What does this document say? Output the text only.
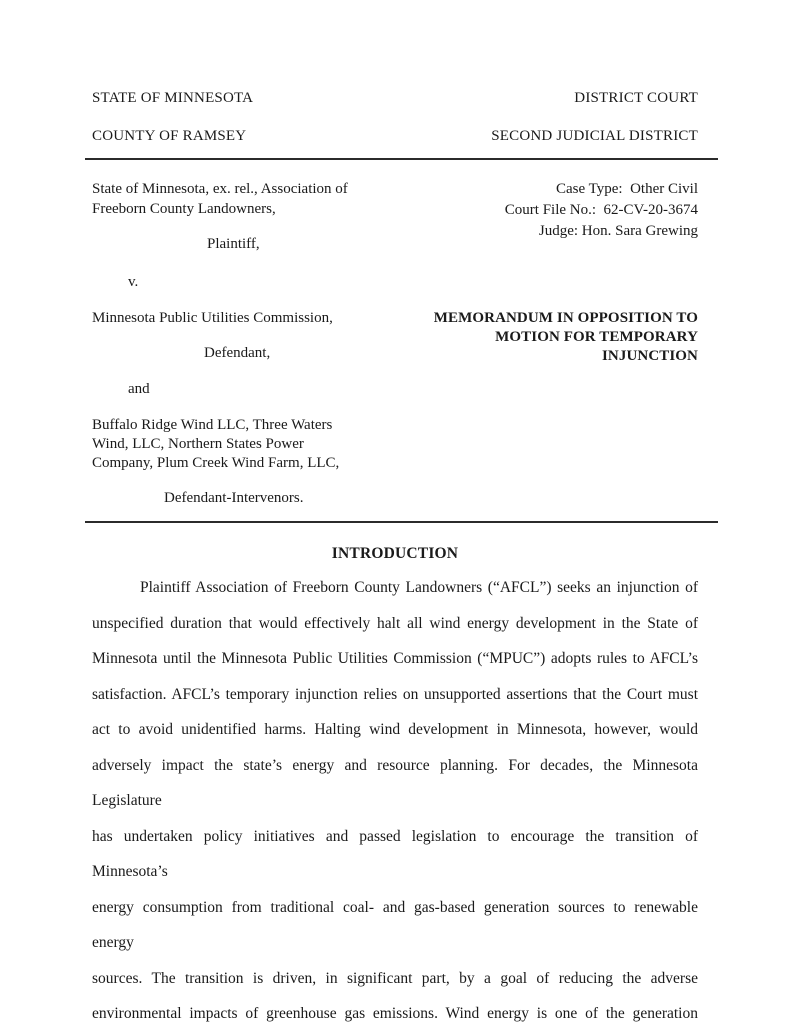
STATE OF MINNESOTA	DISTRICT COURT
COUNTY OF RAMSEY	SECOND JUDICIAL DISTRICT
State of Minnesota, ex. rel., Association of
Freeborn County Landowners,
Plaintiff,
v.
Minnesota Public Utilities Commission,
Defendant,
and
Buffalo Ridge Wind LLC, Three Waters
Wind, LLC, Northern States Power
Company, Plum Creek Wind Farm, LLC,
Defendant-Intervenors.
Case Type:  Other Civil
Court File No.:  62-CV-20-3674
Judge: Hon. Sara Grewing
MEMORANDUM IN OPPOSITION TO
MOTION FOR TEMPORARY
INJUNCTION
INTRODUCTION
Plaintiff Association of Freeborn County Landowners (“AFCL”) seeks an injunction of
unspecified duration that would effectively halt all wind energy development in the State of
Minnesota until the Minnesota Public Utilities Commission (“MPUC”) adopts rules to AFCL’s
satisfaction. AFCL’s temporary injunction relies on unsupported assertions that the Court must
act to avoid unidentified harms. Halting wind development in Minnesota, however, would
adversely impact the state’s energy and resource planning. For decades, the Minnesota Legislature
has undertaken policy initiatives and passed legislation to encourage the transition of Minnesota’s
energy consumption from traditional coal- and gas-based generation sources to renewable energy
sources. The transition is driven, in significant part, by a goal of reducing the adverse
environmental impacts of greenhouse gas emissions. Wind energy is one of the generation
